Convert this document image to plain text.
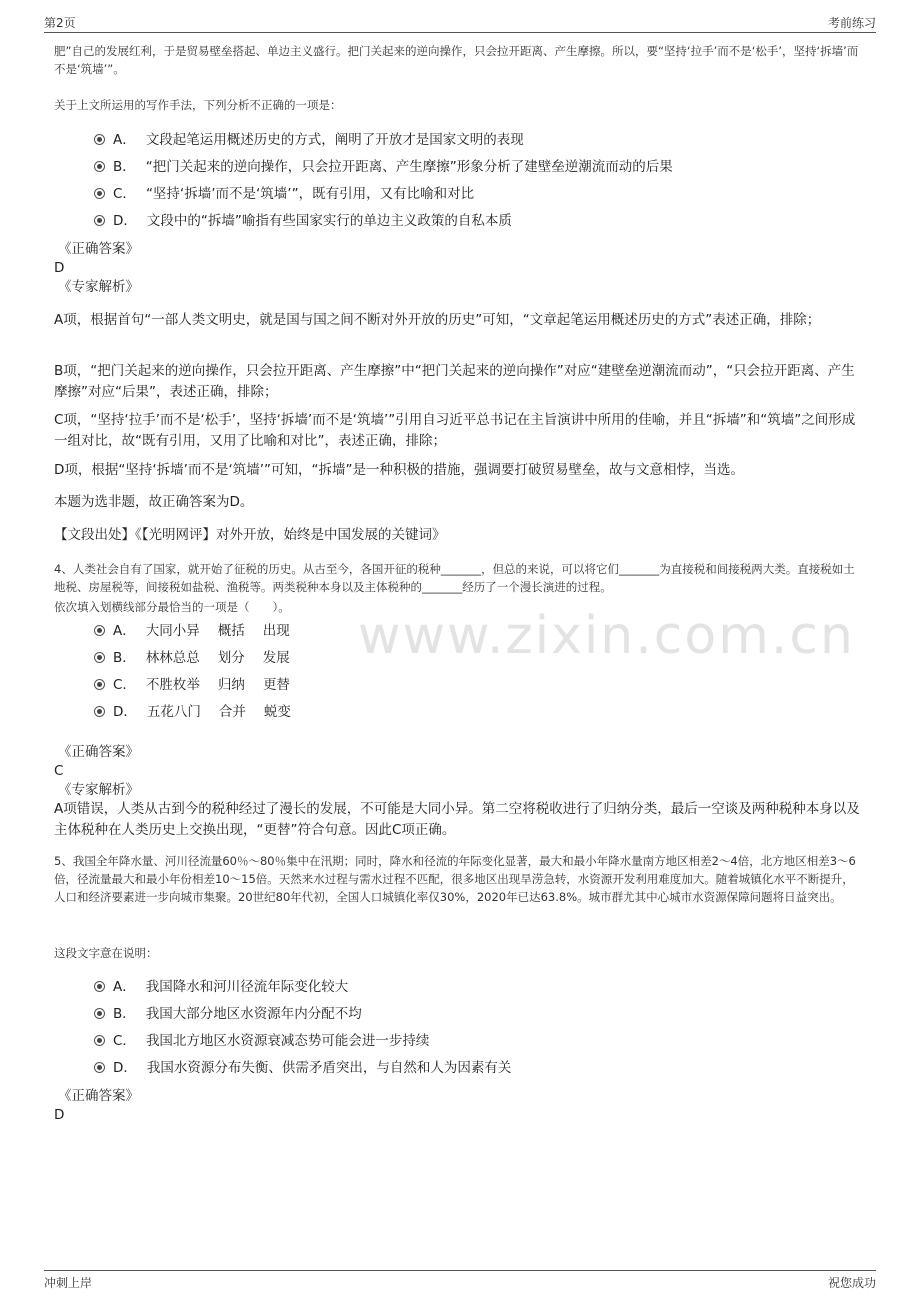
第2页	考前练习
www.zixin.com.cn
肥”自己的发展红利，于是贸易壁垒搭起、单边主义盛行。把门关起来的逆向操作，只会拉开距离、产生摩擦。所以，要“坚持‘拉手’而不是‘松手’，坚持‘拆墙’而不是‘筑墙’”。
关于上文所运用的写作手法，下列分析不正确的一项是：
A． 文段起笔运用概述历史的方式，阐明了开放才是国家文明的表现
B． “把门关起来的逆向操作，只会拉开距离、产生摩擦”形象分析了建壁垒逆潮流而动的后果
C． “坚持‘拆墙’而不是‘筑墙’”，既有引用，又有比喻和对比
D． 文段中的“拆墙”喻指有些国家实行的单边主义政策的自私本质
《正确答案》
D
《专家解析》
A项，根据首句“一部人类文明史，就是国与国之间不断对外开放的历史”可知，“文章起笔运用概述历史的方式”表述正确，排除；
B项，“把门关起来的逆向操作，只会拉开距离、产生摩擦”中“把门关起来的逆向操作”对应“建壁垒逆潮流而动”，“只会拉开距离、产生摩擦”对应“后果”，表述正确，排除；
C项，“坚持‘拉手’而不是‘松手’，坚持‘拆墙’而不是‘筑墙’”引用自习近平总书记在主旨演讲中所用的佳喻，并且“拆墙”和“筑墙”之间形成一组对比，故“既有引用，又用了比喻和对比”，表述正确，排除；
D项，根据“坚持‘拆墙’而不是‘筑墙’”可知，“拆墙”是一种积极的措施，强调要打破贸易壁垒，故与文意相悖，当选。
本题为选非题，故正确答案为D。
【文段出处】《【光明网评】对外开放，始终是中国发展的关键词》
4、人类社会自有了国家，就开始了征税的历史。从古至今，各国开征的税种_______，但总的来说，可以将它们_______为直接税和间接税两大类。直接税如土地税、房屋税等，间接税如盐税、渔税等。两类税种本身以及主体税种的_______经历了一个漫长演进的过程。
依次填入划横线部分最恰当的一项是（　　）。
A． 大同小异 概括 出现
B． 林林总总 划分 发展
C． 不胜枚举 归纳 更替
D． 五花八门 合并 蜕变
《正确答案》
C
《专家解析》
A项错误，人类从古到今的税种经过了漫长的发展，不可能是大同小异。第二空将税收进行了归纳分类，最后一空谈及两种税种本身以及主体税种在人类历史上交换出现，“更替”符合句意。因此C项正确。
5、我国全年降水量、河川径流量60％～80％集中在汛期；同时，降水和径流的年际变化显著，最大和最小年降水量南方地区相差2～4倍，北方地区相差3～6倍，径流量最大和最小年份相差10～15倍。天然来水过程与需水过程不匹配，很多地区出现旱涝急转，水资源开发利用难度加大。随着城镇化水平不断提升，人口和经济要素进一步向城市集聚。20世纪80年代初，全国人口城镇化率仅30%，2020年已达63.8%。城市群尤其中心城市水资源保障问题将日益突出。
这段文字意在说明：
A． 我国降水和河川径流年际变化较大
B． 我国大部分地区水资源年内分配不均
C． 我国北方地区水资源衰减态势可能会进一步持续
D． 我国水资源分布失衡、供需矛盾突出，与自然和人为因素有关
《正确答案》
D
冲刺上岸	祝您成功
